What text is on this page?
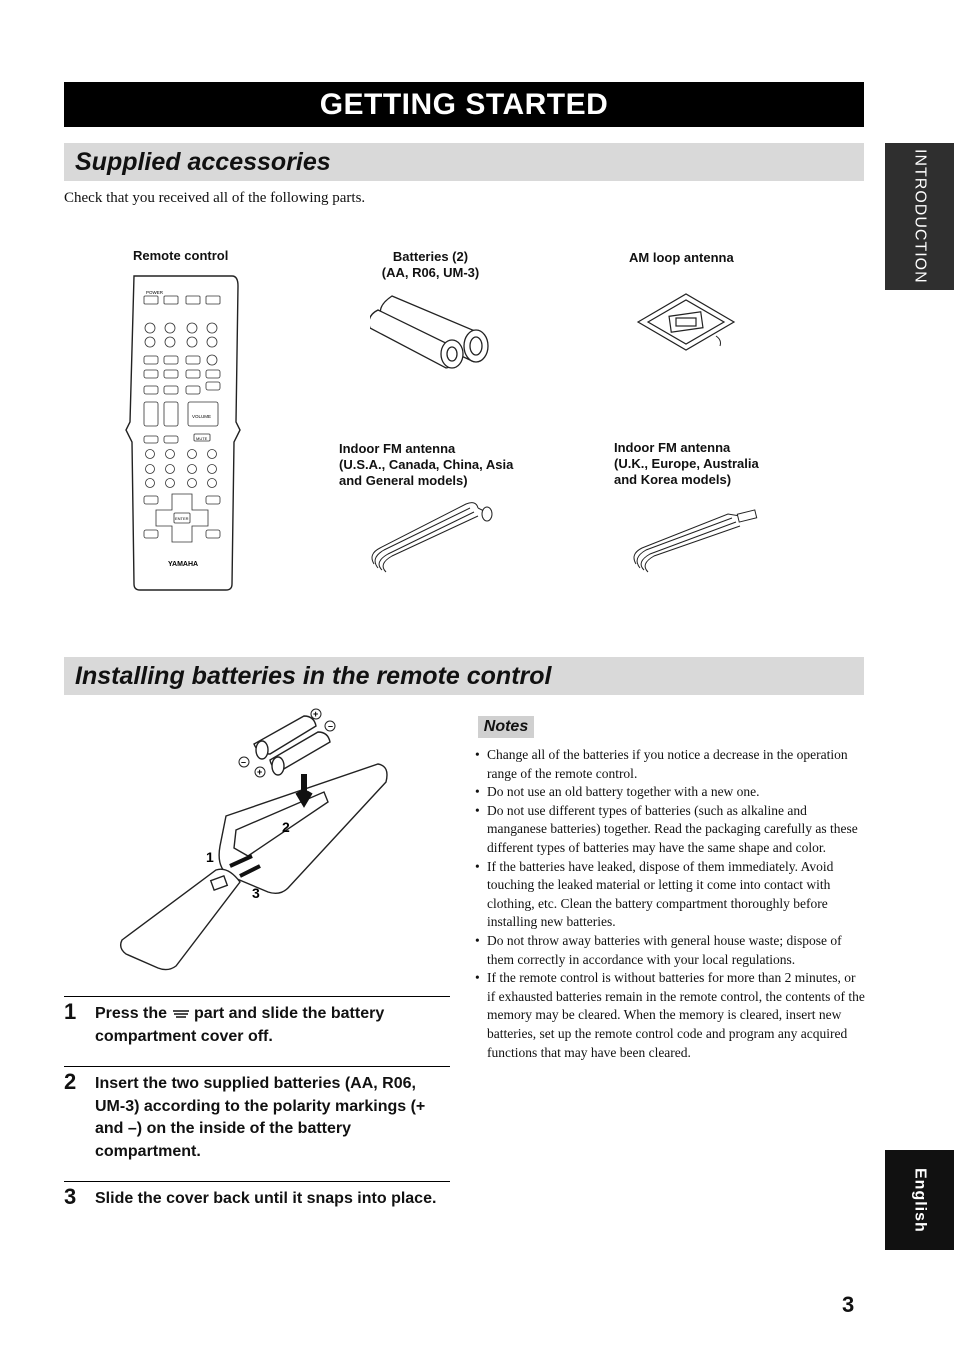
GETTING STARTED
INTRODUCTION
English
Supplied accessories
Check that you received all of the following parts.
Remote control
POWER
VOLUME
MUTE
ENTER
YAMAHA
Batteries (2)
(AA, R06, UM-3)
AM loop antenna
Indoor FM antenna
(U.S.A., Canada, China, Asia
and General models)
Indoor FM antenna
(U.K., Europe, Australia
and Korea models)
Installing batteries in the remote control
+
–
–
+
1
2
3
1 Press the part and slide the battery compartment cover off.
2 Insert the two supplied batteries (AA, R06, UM-3) according to the polarity markings (+ and –) on the inside of the battery compartment.
3 Slide the cover back until it snaps into place.
Notes
• Change all of the batteries if you notice a decrease in the operation range of the remote control.
• Do not use an old battery together with a new one.
• Do not use different types of batteries (such as alkaline and manganese batteries) together. Read the packaging carefully as these different types of batteries may have the same shape and color.
• If the batteries have leaked, dispose of them immediately. Avoid touching the leaked material or letting it come into contact with clothing, etc. Clean the battery compartment thoroughly before installing new batteries.
• Do not throw away batteries with general house waste; dispose of them correctly in accordance with your local regulations.
• If the remote control is without batteries for more than 2 minutes, or if exhausted batteries remain in the remote control, the contents of the memory may be cleared. When the memory is cleared, insert new batteries, set up the remote control code and program any acquired functions that may have been cleared.
3
